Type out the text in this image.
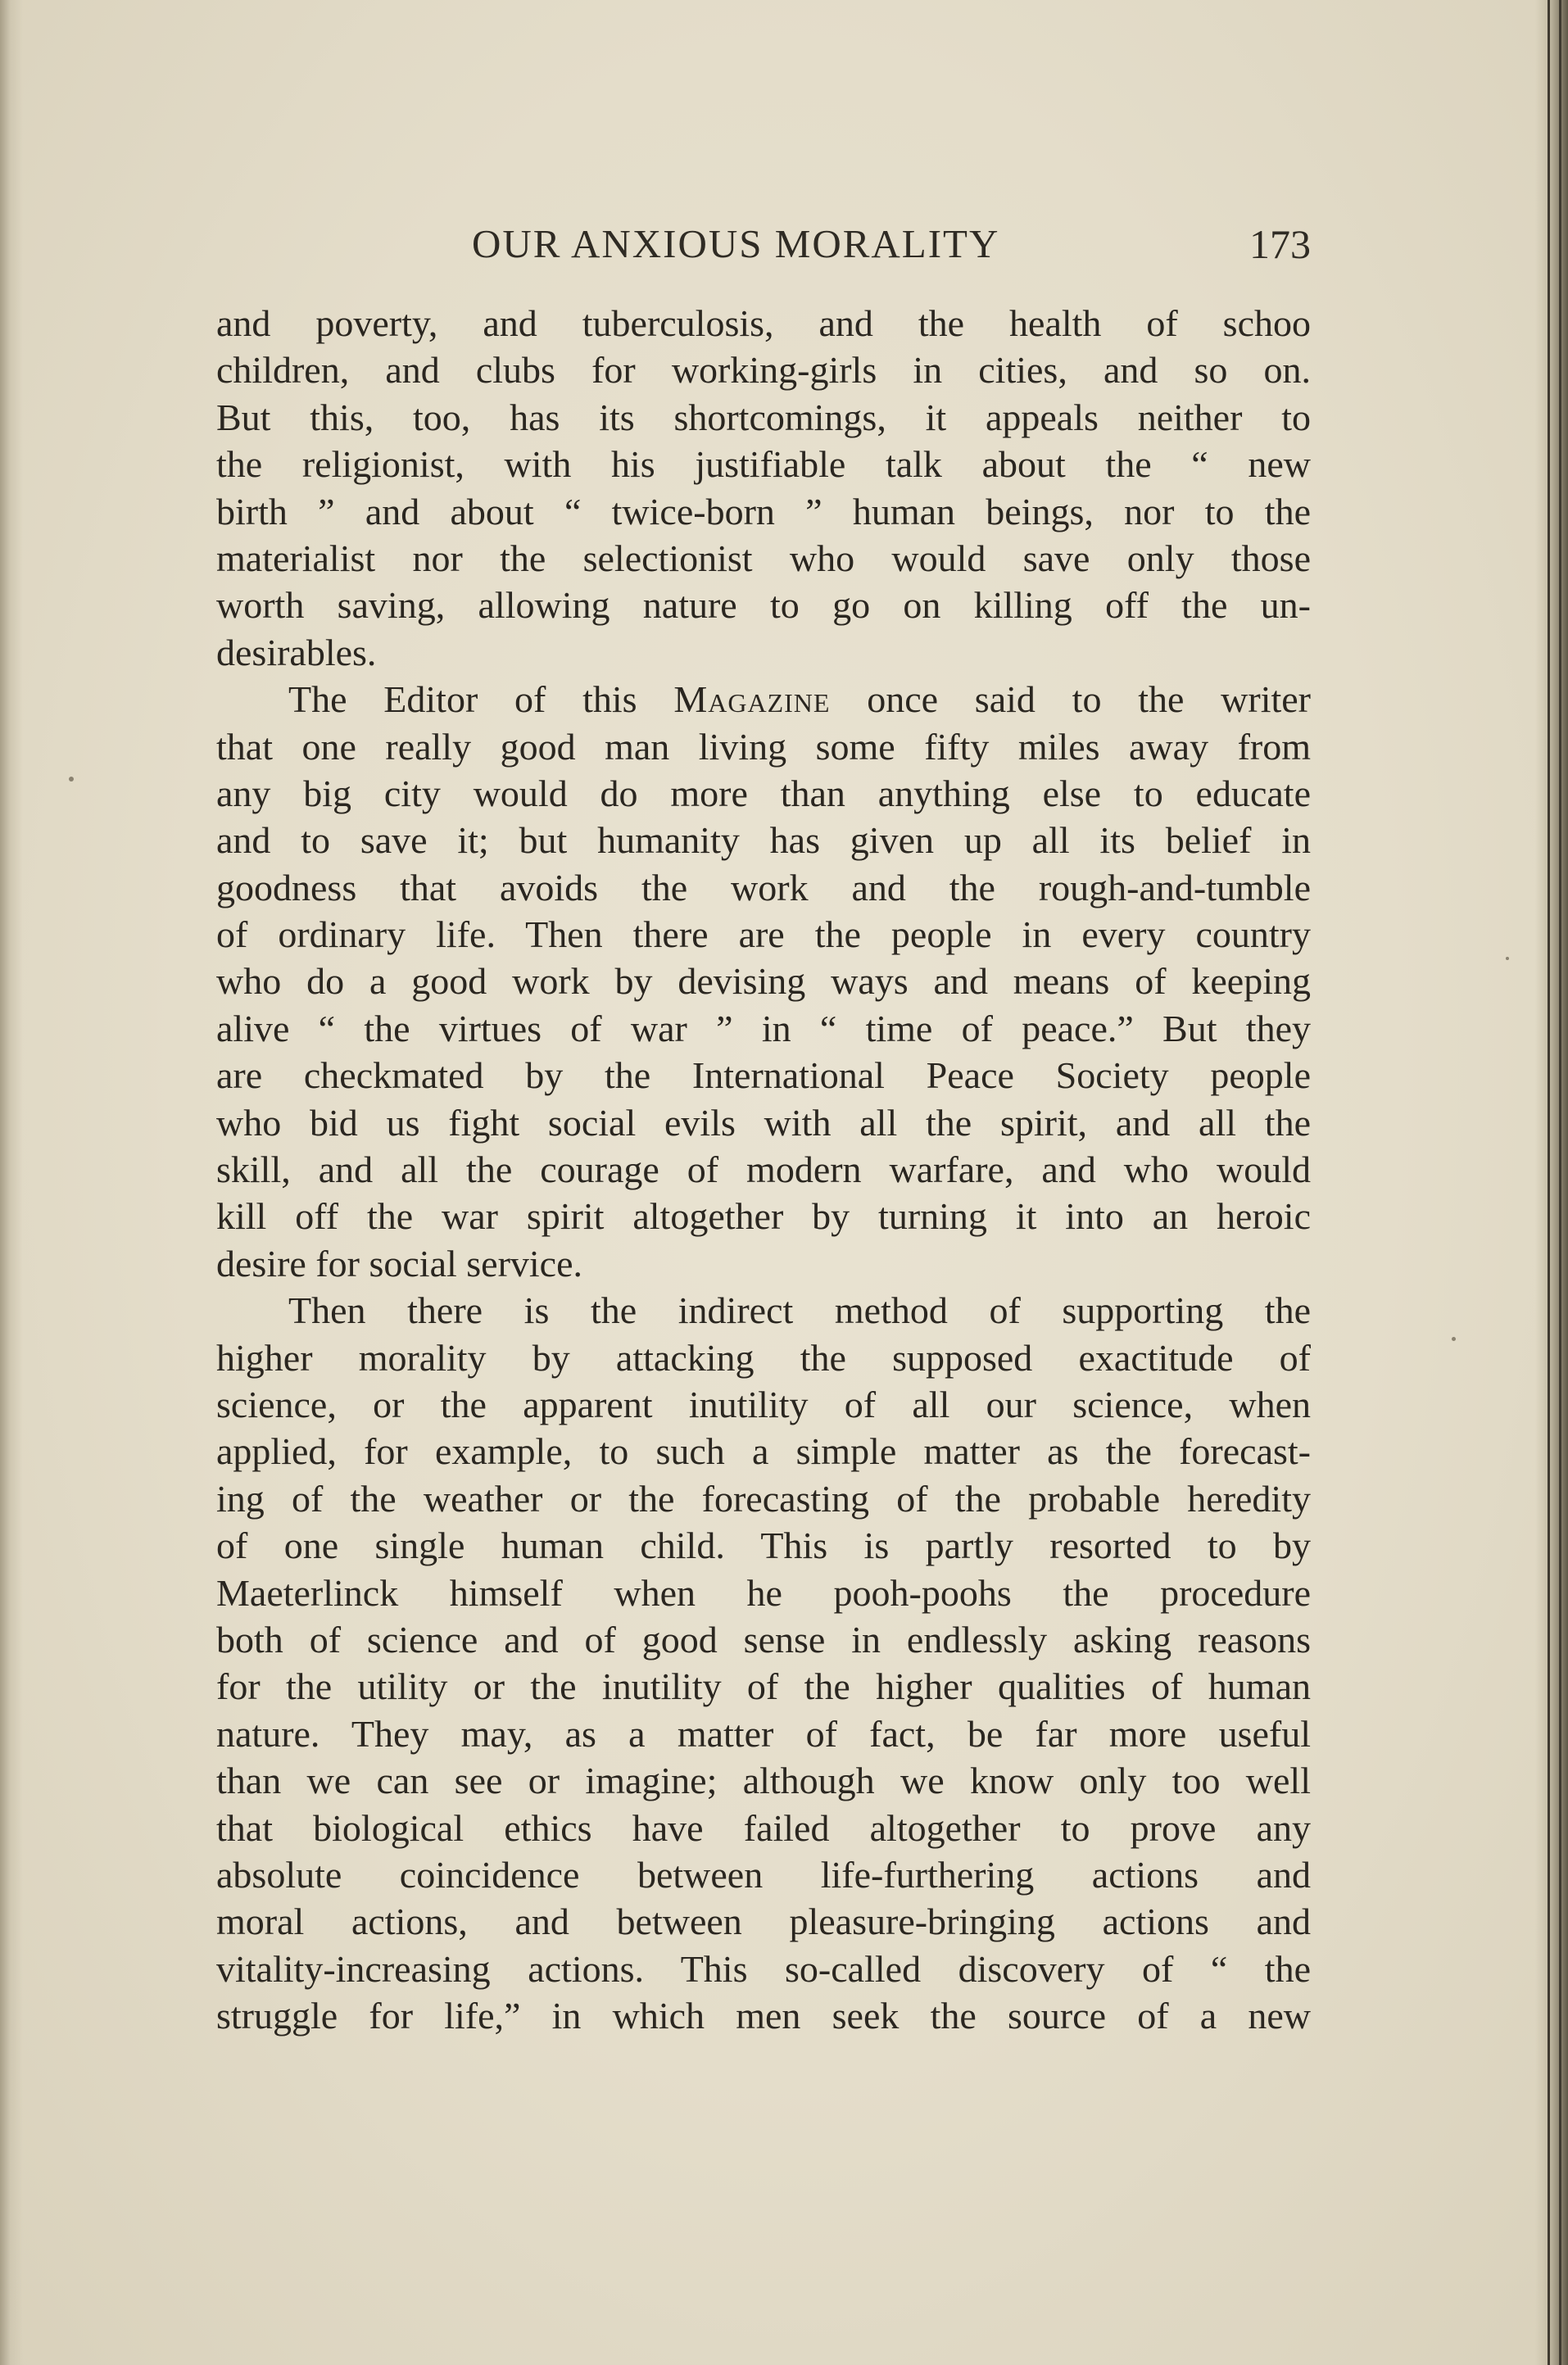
OUR ANXIOUS MORALITY	173
and poverty, and tuberculosis, and the health of schoo
children, and clubs for working-girls in cities, and so on.
But this, too, has its shortcomings, it appeals neither to
the religionist, with his justifiable talk about the “ new
birth ” and about “ twice-born ” human beings, nor to the
materialist nor the selectionist who would save only those
worth saving, allowing nature to go on killing off the un-
desirables.
The Editor of this Magazine once said to the writer
that one really good man living some fifty miles away from
any big city would do more than anything else to educate
and to save it; but humanity has given up all its belief in
goodness that avoids the work and the rough-and-tumble
of ordinary life. Then there are the people in every country
who do a good work by devising ways and means of keeping
alive “ the virtues of war ” in “ time of peace.” But they
are checkmated by the International Peace Society people
who bid us fight social evils with all the spirit, and all the
skill, and all the courage of modern warfare, and who would
kill off the war spirit altogether by turning it into an heroic
desire for social service.
Then there is the indirect method of supporting the
higher morality by attacking the supposed exactitude of
science, or the apparent inutility of all our science, when
applied, for example, to such a simple matter as the forecast-
ing of the weather or the forecasting of the probable heredity
of one single human child. This is partly resorted to by
Maeterlinck himself when he pooh-poohs the procedure
both of science and of good sense in endlessly asking reasons
for the utility or the inutility of the higher qualities of human
nature. They may, as a matter of fact, be far more useful
than we can see or imagine; although we know only too well
that biological ethics have failed altogether to prove any
absolute coincidence between life-furthering actions and
moral actions, and between pleasure-bringing actions and
vitality-increasing actions. This so-called discovery of “ the
struggle for life,” in which men seek the source of a new
